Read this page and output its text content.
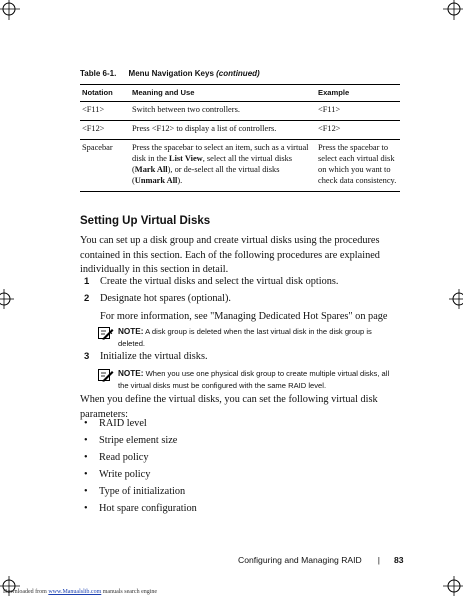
Table 6-1. Menu Navigation Keys (continued)
Notation	Meaning and Use	Example
<F11>	Switch between two controllers.	<F11>
<F12>	Press <F12> to display a list of controllers.	<F12>
Spacebar	Press the spacebar to select an item, such as a virtual disk in the List View, select all the virtual disks (Mark All), or de-select all the virtual disks (Unmark All).	Press the spacebar to select each virtual disk on which you want to check data consistency.
Setting Up Virtual Disks
You can set up a disk group and create virtual disks using the procedures contained in this section. Each of the following procedures are explained individually in this section in detail.
1 Create the virtual disks and select the virtual disk options.
2 Designate hot spares (optional).
For more information, see "Managing Dedicated Hot Spares" on page
NOTE: A disk group is deleted when the last virtual disk in the disk group is deleted.
3 Initialize the virtual disks.
NOTE: When you use one physical disk group to create multiple virtual disks, all the virtual disks must be configured with the same RAID level.
When you define the virtual disks, you can set the following virtual disk parameters:
• RAID level
• Stripe element size
• Read policy
• Write policy
• Type of initialization
• Hot spare configuration
Configuring and Managing RAID | 83
Downloaded from www.Manualslib.com manuals search engine
